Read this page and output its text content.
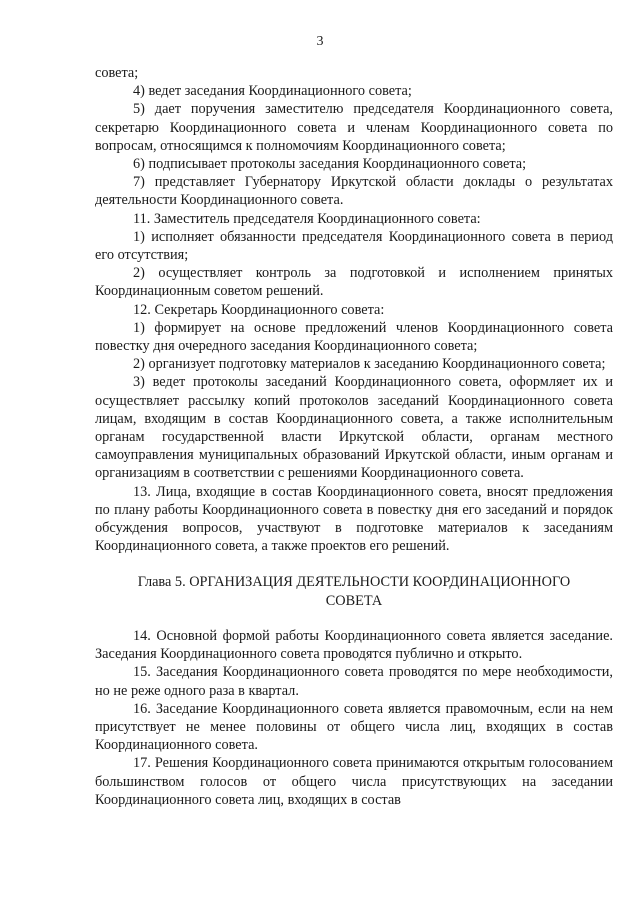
3

совета;

4) ведет заседания Координационного совета;

5) дает поручения заместителю председателя Координационного совета, секретарю Координационного совета и членам Координационного совета по вопросам, относящимся к полномочиям Координационного совета;

6) подписывает протоколы заседания Координационного совета;

7) представляет Губернатору Иркутской области доклады о результатах деятельности Координационного совета.

11. Заместитель председателя Координационного совета:

1) исполняет обязанности председателя Координационного совета в период его отсутствия;

2) осуществляет контроль за подготовкой и исполнением принятых Координационным советом решений.

12. Секретарь Координационного совета:

1) формирует на основе предложений членов Координационного совета повестку дня очередного заседания Координационного совета;

2) организует подготовку материалов к заседанию Координационного совета;

3) ведет протоколы заседаний Координационного совета, оформляет их и осуществляет рассылку копий протоколов заседаний Координационного совета лицам, входящим в состав Координационного совета, а также исполнительным органам государственной власти Иркутской области, органам местного самоуправления муниципальных образований Иркутской области, иным органам и организациям в соответствии с решениями Координационного совета.

13. Лица, входящие в состав Координационного совета, вносят предложения по плану работы Координационного совета в повестку дня его заседаний и порядок обсуждения вопросов, участвуют в подготовке материалов к заседаниям Координационного совета, а также проектов его решений.

Глава 5. ОРГАНИЗАЦИЯ ДЕЯТЕЛЬНОСТИ КООРДИНАЦИОННОГО СОВЕТА

14. Основной формой работы Координационного совета является заседание. Заседания Координационного совета проводятся публично и открыто.

15. Заседания Координационного совета проводятся по мере необходимости, но не реже одного раза в квартал.

16. Заседание Координационного совета является правомочным, если на нем присутствует не менее половины от общего числа лиц, входящих в состав Координационного совета.

17. Решения Координационного совета принимаются открытым голосованием большинством голосов от общего числа присутствующих на заседании Координационного совета лиц, входящих в состав
